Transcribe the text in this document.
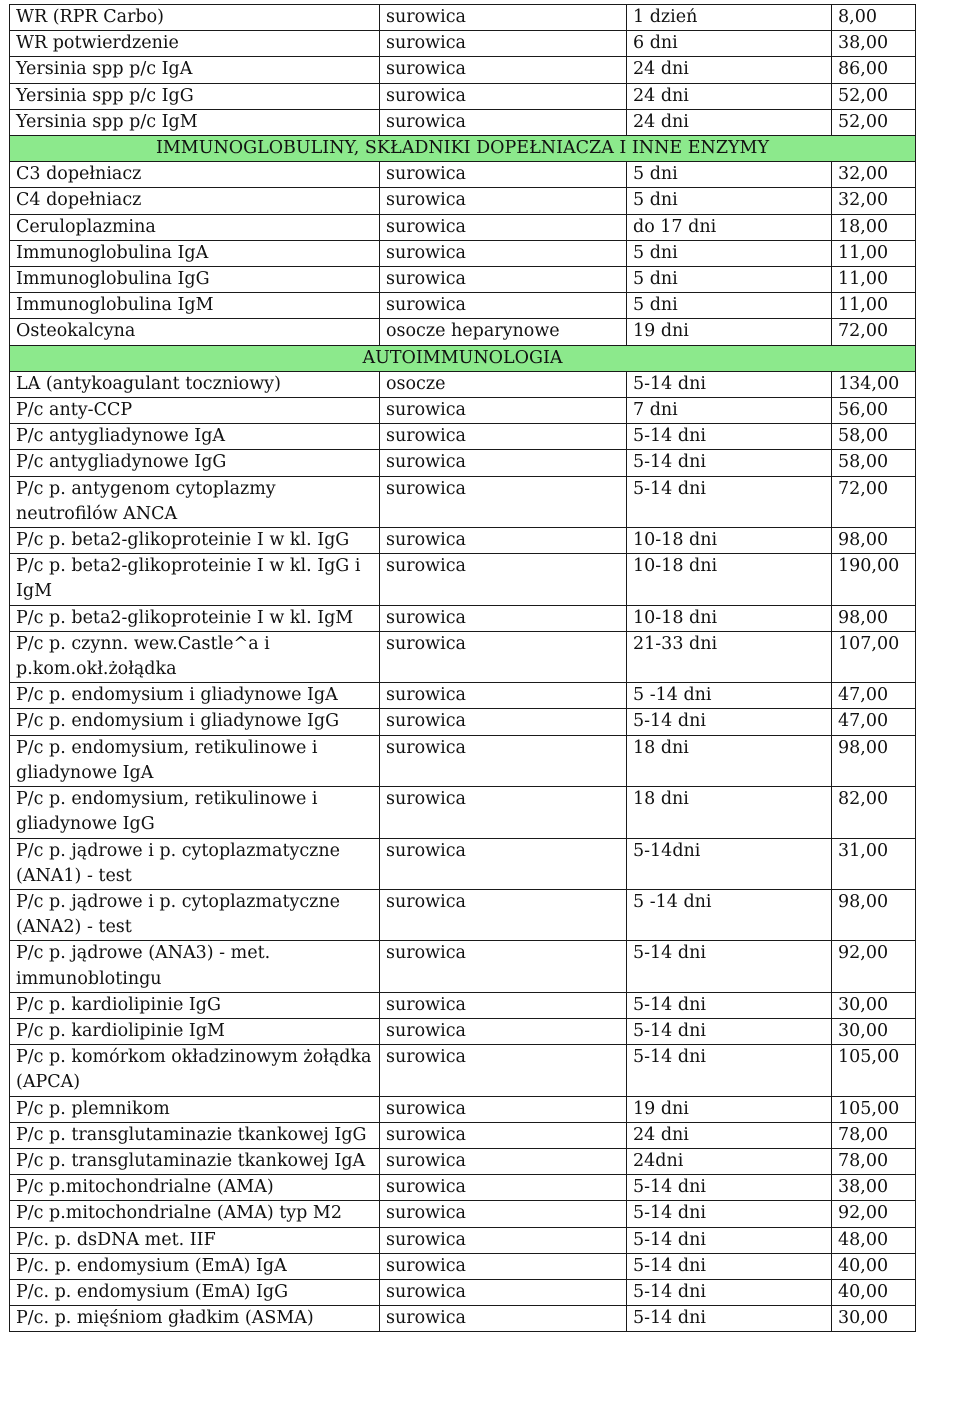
WR (RPR Carbo)	surowica	1 dzień	8,00
WR potwierdzenie	surowica	6 dni	38,00
Yersinia spp p/c IgA	surowica	24 dni	86,00
Yersinia spp p/c IgG	surowica	24 dni	52,00
Yersinia spp p/c IgM	surowica	24 dni	52,00
IMMUNOGLOBULINY, SKŁADNIKI DOPEŁNIACZA I INNE ENZYMY			
C3 dopełniacz	surowica	5 dni	32,00
C4 dopełniacz	surowica	5 dni	32,00
Ceruloplazmina	surowica	do 17 dni	18,00
Immunoglobulina IgA	surowica	5 dni	11,00
Immunoglobulina IgG	surowica	5 dni	11,00
Immunoglobulina IgM	surowica	5 dni	11,00
Osteokalcyna	osocze heparynowe	19 dni	72,00
AUTOIMMUNOLOGIA			
LA (antykoagulant toczniowy)	osocze	5-14 dni	134,00
P/c anty-CCP	surowica	7 dni	56,00
P/c antygliadynowe IgA	surowica	5-14 dni	58,00
P/c antygliadynowe IgG	surowica	5-14 dni	58,00
P/c p. antygenom cytoplazmy neutrofilów ANCA	surowica	5-14 dni	72,00
P/c p. beta2-glikoproteinie I w kl. IgG	surowica	10-18 dni	98,00
P/c p. beta2-glikoproteinie I w kl. IgG i IgM	surowica	10-18 dni	190,00
P/c p. beta2-glikoproteinie I w kl. IgM	surowica	10-18 dni	98,00
P/c p. czynn. wew.Castle^a i p.kom.okł.żołądka	surowica	21-33 dni	107,00
P/c p. endomysium i gliadynowe IgA	surowica	5 -14 dni	47,00
P/c p. endomysium i gliadynowe IgG	surowica	5-14 dni	47,00
P/c p. endomysium, retikulinowe i gliadynowe IgA	surowica	18 dni	98,00
P/c p. endomysium, retikulinowe i gliadynowe IgG	surowica	18 dni	82,00
P/c p. jądrowe i p. cytoplazmatyczne (ANA1) - test	surowica	5-14dni	31,00
P/c p. jądrowe i p. cytoplazmatyczne (ANA2) - test	surowica	5 -14 dni	98,00
P/c p. jądrowe (ANA3) - met. immunoblotingu	surowica	5-14 dni	92,00
P/c p. kardiolipinie IgG	surowica	5-14 dni	30,00
P/c p. kardiolipinie IgM	surowica	5-14 dni	30,00
P/c p. komórkom okładzinowym żołądka (APCA)	surowica	5-14 dni	105,00
P/c p. plemnikom	surowica	19 dni	105,00
P/c p. transglutaminazie tkankowej IgG	surowica	24 dni	78,00
P/c p. transglutaminazie tkankowej IgA	surowica	24dni	78,00
P/c p.mitochondrialne (AMA)	surowica	5-14 dni	38,00
P/c p.mitochondrialne (AMA) typ M2	surowica	5-14 dni	92,00
P/c. p. dsDNA met. IIF	surowica	5-14 dni	48,00
P/c. p. endomysium (EmA) IgA	surowica	5-14 dni	40,00
P/c. p. endomysium (EmA) IgG	surowica	5-14 dni	40,00
P/c. p. mięśniom gładkim (ASMA)	surowica	5-14 dni	30,00
